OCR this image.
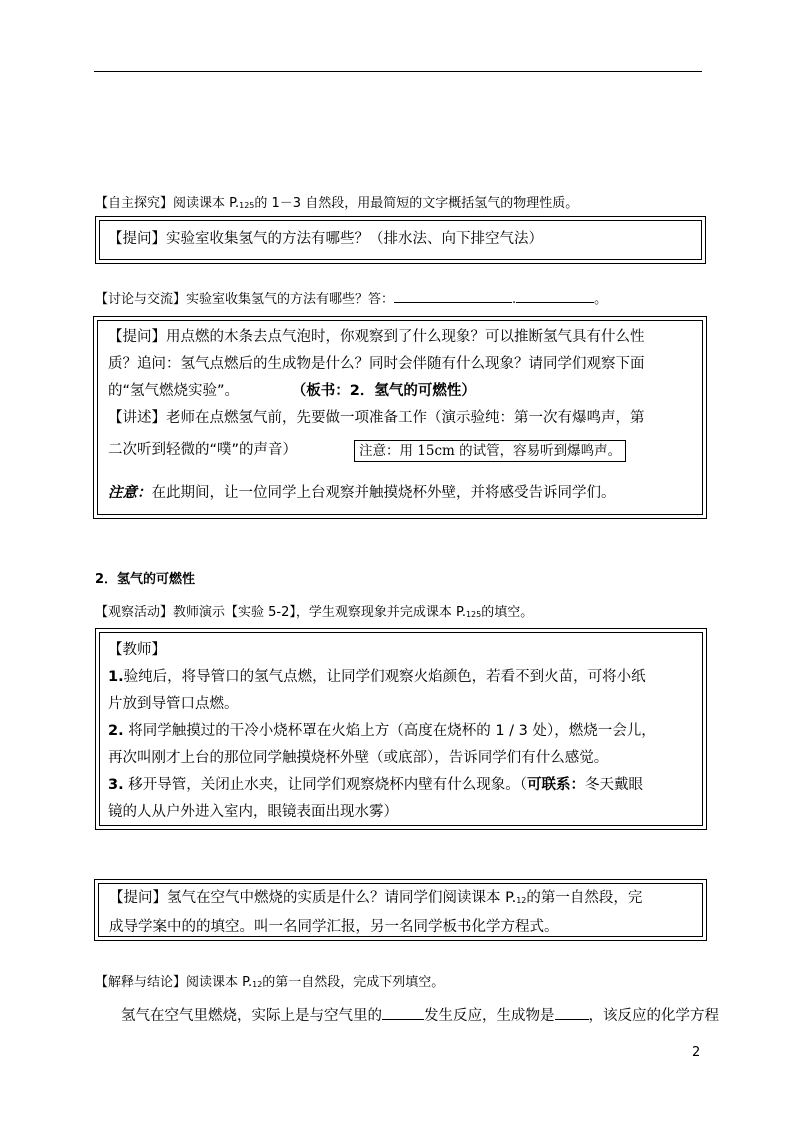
【自主探究】阅读课本 P.125的 1－3 自然段，用最简短的文字概括氢气的物理性质。
【提问】实验室收集氢气的方法有哪些？（排水法、向下排空气法）
【讨论与交流】实验室收集氢气的方法有哪些？答：	.	。
【提问】用点燃的木条去点气泡时，你观察到了什么现象？可以推断氢气具有什么性
质？追问：氢气点燃后的生成物是什么？同时会伴随有什么现象？请同学们观察下面
的“氢气燃烧实验”。	（板书：2．氢气的可燃性）
【讲述】老师在点燃氢气前，先要做一项准备工作（演示验纯：第一次有爆鸣声，第
二次听到轻微的“噗”的声音）	注意：用 15cm 的试管，容易听到爆鸣声。
注意：在此期间，让一位同学上台观察并触摸烧杯外壁，并将感受告诉同学们。
2．氢气的可燃性
【观察活动】教师演示【实验 5-2】，学生观察现象并完成课本 P.125的填空。
【教师】
1.验纯后，将导管口的氢气点燃，让同学们观察火焰颜色，若看不到火苗，可将小纸
片放到导管口点燃。
2. 将同学触摸过的干冷小烧杯罩在火焰上方（高度在烧杯的 1 / 3 处），燃烧一会儿，
再次叫刚才上台的那位同学触摸烧杯外壁（或底部），告诉同学们有什么感觉。
3. 移开导管，关闭止水夹，让同学们观察烧杯内壁有什么现象。（可联系：冬天戴眼
镜的人从户外进入室内，眼镜表面出现水雾）
【提问】氢气在空气中燃烧的实质是什么？请同学们阅读课本 P.12的第一自然段，完
成导学案中的的填空。叫一名同学汇报，另一名同学板书化学方程式。
【解释与结论】阅读课本 P.12的第一自然段，完成下列填空。
氢气在空气里燃烧，实际上是与空气里的	发生反应，生成物是 ，该反应的化学方程
2
